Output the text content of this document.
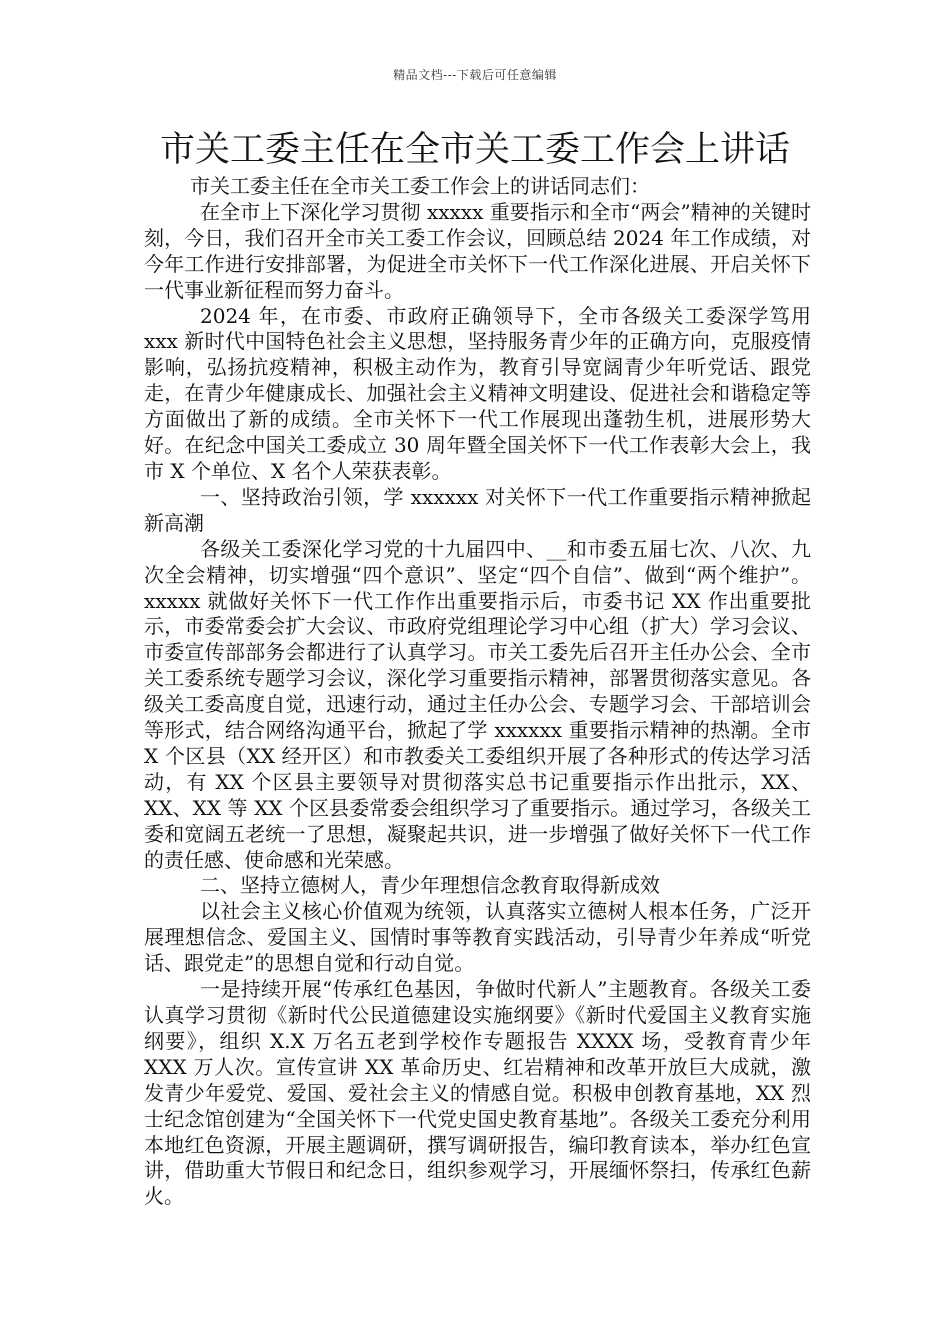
精品文档---下载后可任意编辑
市关工委主任在全市关工委工作会上讲话

市关工委主任在全市关工委工作会上的讲话同志们：

在全市上下深化学习贯彻 xxxxx 重要指示和全市“两会”精神的关键时刻，今日，我们召开全市关工委工作会议，回顾总结 2024 年工作成绩，对今年工作进行安排部署，为促进全市关怀下一代工作深化进展、开启关怀下一代事业新征程而努力奋斗。

2024 年，在市委、市政府正确领导下，全市各级关工委深学笃用 xxx 新时代中国特色社会主义思想，坚持服务青少年的正确方向，克服疫情影响，弘扬抗疫精神，积极主动作为，教育引导宽阔青少年听党话、跟党走，在青少年健康成长、加强社会主义精神文明建设、促进社会和谐稳定等方面做出了新的成绩。全市关怀下一代工作展现出蓬勃生机，进展形势大好。在纪念中国关工委成立 30 周年暨全国关怀下一代工作表彰大会上，我市 X 个单位、X 名个人荣获表彰。

一、坚持政治引领，学 xxxxxx 对关怀下一代工作重要指示精神掀起新高潮

各级关工委深化学习党的十九届四中、__和市委五届七次、八次、九次全会精神，切实增强“四个意识”、坚定“四个自信”、做到“两个维护”。xxxxx 就做好关怀下一代工作作出重要指示后，市委书记 XX 作出重要批示，市委常委会扩大会议、市政府党组理论学习中心组（扩大）学习会议、市委宣传部部务会都进行了认真学习。市关工委先后召开主任办公会、全市关工委系统专题学习会议，深化学习重要指示精神，部署贯彻落实意见。各级关工委高度自觉，迅速行动，通过主任办公会、专题学习会、干部培训会等形式，结合网络沟通平台，掀起了学 xxxxxx 重要指示精神的热潮。全市 X 个区县（XX 经开区）和市教委关工委组织开展了各种形式的传达学习活动，有 XX 个区县主要领导对贯彻落实总书记重要指示作出批示，XX、XX、XX 等 XX 个区县委常委会组织学习了重要指示。通过学习，各级关工委和宽阔五老统一了思想，凝聚起共识，进一步增强了做好关怀下一代工作的责任感、使命感和光荣感。

二、坚持立德树人，青少年理想信念教育取得新成效

以社会主义核心价值观为统领，认真落实立德树人根本任务，广泛开展理想信念、爱国主义、国情时事等教育实践活动，引导青少年养成“听党话、跟党走”的思想自觉和行动自觉。

一是持续开展“传承红色基因，争做时代新人”主题教育。各级关工委认真学习贯彻《新时代公民道德建设实施纲要》《新时代爱国主义教育实施纲要》，组织 X.X 万名五老到学校作专题报告 XXXX 场，受教育青少年 XXX 万人次。宣传宣讲 XX 革命历史、红岩精神和改革开放巨大成就，激发青少年爱党、爱国、爱社会主义的情感自觉。积极申创教育基地，XX 烈士纪念馆创建为“全国关怀下一代党史国史教育基地”。各级关工委充分利用本地红色资源，开展主题调研，撰写调研报告，编印教育读本，举办红色宣讲，借助重大节假日和纪念日，组织参观学习，开展缅怀祭扫，传承红色薪火。
